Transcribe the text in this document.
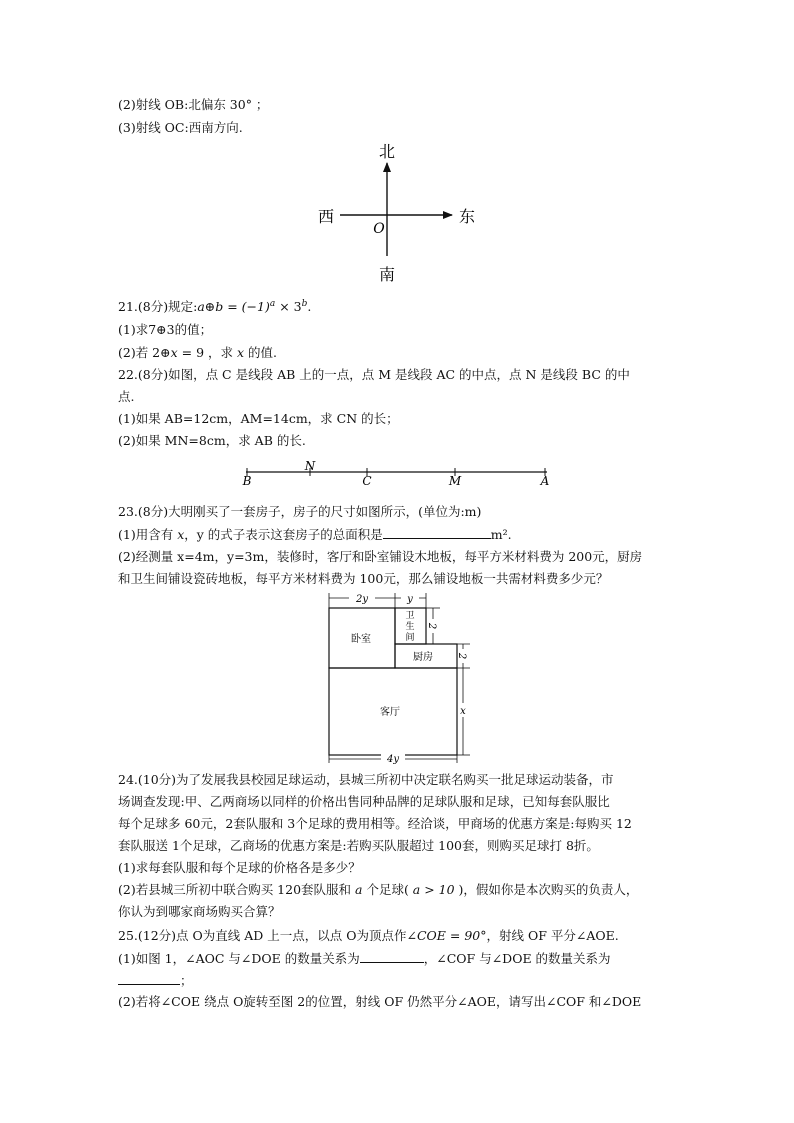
(2)射线 OB:北偏东 30° ；
(3)射线 OC:西南方向.
北
南
东
西
O
21.(8分)规定:a⊕b = $(-1)^a \times 3^b$.
(1)求7⊕3的值；
(2)若 2⊕x = 9 ，求 x 的值.
22.(8分)如图，点 C 是线段 AB 上的一点，点 M 是线段 AC 的中点，点 N 是线段 BC 的中
点.
(1)如果 AB=12cm，AM=14cm，求 CN 的长；
(2)如果 MN=8cm，求 AB 的长.
B
N
C	M	A
23.(8分)大明刚买了一套房子，房子的尺寸如图所示，(单位为:m)
(1)用含有 x，y 的式子表示这套房子的总面积是	m².
(2)经测量 x=4m，y=3m，装修时，客厅和卧室铺设木地板，每平方米材料费为 200元，厨房
和卫生间铺设瓷砖地板，每平方米材料费为 100元，那么铺设地板一共需材料费多少元？
2y	y
2
2
x
4y
卧室
卫
生
间
厨房
客厅
24.(10分)为了发展我县校园足球运动，县城三所初中决定联名购买一批足球运动装备，市
场调查发现:甲、乙两商场以同样的价格出售同种品牌的足球队服和足球，已知每套队服比
每个足球多 60元，2套队服和 3个足球的费用相等。经洽谈，甲商场的优惠方案是:每购买 12
套队服送 1个足球，乙商场的优惠方案是:若购买队服超过 100套，则购买足球打 8折。
(1)求每套队服和每个足球的价格各是多少？
(2)若县城三所初中联合购买 120套队服和 a 个足球( a > 10 )，假如你是本次购买的负责人，
你认为到哪家商场购买合算？
25.(12分)点 O为直线 AD 上一点，以点 O为顶点作∠COE = 90°，射线 OF 平分∠AOE.
(1)如图 1，∠AOC 与∠DOE 的数量关系为	，∠COF 与∠DOE 的数量关系为
；
(2)若将∠COE 绕点 O旋转至图 2的位置，射线 OF 仍然平分∠AOE，请写出∠COF 和∠DOE
